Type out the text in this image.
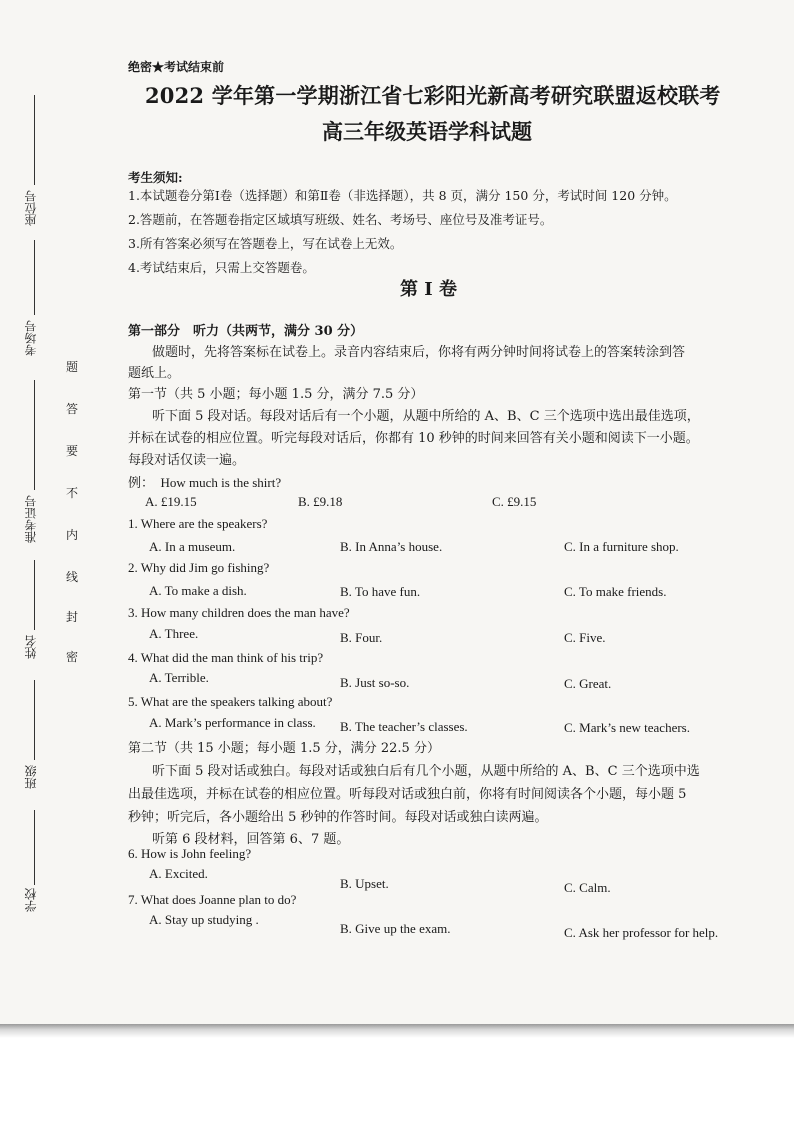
座位号
考场号
准考证号
姓名
班级
学校
题
答
要
不
内
线
封
密
绝密★考试结束前
2022 学年第一学期浙江省七彩阳光新高考研究联盟返校联考
高三年级英语学科试题
考生须知:
1.本试题卷分第Ⅰ卷（选择题）和第Ⅱ卷（非选择题），共 8 页，满分 150 分，考试时间 120 分钟。
2.答题前，在答题卷指定区域填写班级、姓名、考场号、座位号及准考证号。
3.所有答案必须写在答题卷上，写在试卷上无效。
4.考试结束后，只需上交答题卷。
第 I 卷
第一部分　听力（共两节，满分 30 分）
做题时，先将答案标在试卷上。录音内容结束后，你将有两分钟时间将试卷上的答案转涂到答
题纸上。
第一节（共 5 小题；每小题 1.5 分，满分 7.5 分）
听下面 5 段对话。每段对话后有一个小题，从题中所给的 A、B、C 三个选项中选出最佳选项，
并标在试卷的相应位置。听完每段对话后，你都有 10 秒钟的时间来回答有关小题和阅读下一小题。
每段对话仅读一遍。
例：　How much is the shirt?
A. £19.15	B. £9.18	C. £9.15
1. Where are the speakers?
A. In a museum.	B. In Anna’s house.	C. In a furniture shop.
2. Why did Jim go fishing?
A. To make a dish.	B. To have fun.	C. To make friends.
3. How many children does the man have?
A. Three.	B. Four.	C. Five.
4. What did the man think of his trip?
A. Terrible.	B. Just so-so.	C. Great.
5. What are the speakers talking about?
A. Mark’s performance in class. B. The teacher’s classes.	C. Mark’s new teachers.
第二节（共 15 小题；每小题 1.5 分，满分 22.5 分）
听下面 5 段对话或独白。每段对话或独白后有几个小题，从题中所给的 A、B、C 三个选项中选
出最佳选项，并标在试卷的相应位置。听每段对话或独白前，你将有时间阅读各个小题，每小题 5
秒钟；听完后，各小题给出 5 秒钟的作答时间。每段对话或独白读两遍。
听第 6 段材料，回答第 6、7 题。
6. How is John feeling?
A. Excited.
B. Upset.	C. Calm.
7. What does Joanne plan to do?
A. Stay up studying .
B. Give up the exam.	C. Ask her professor for help.
